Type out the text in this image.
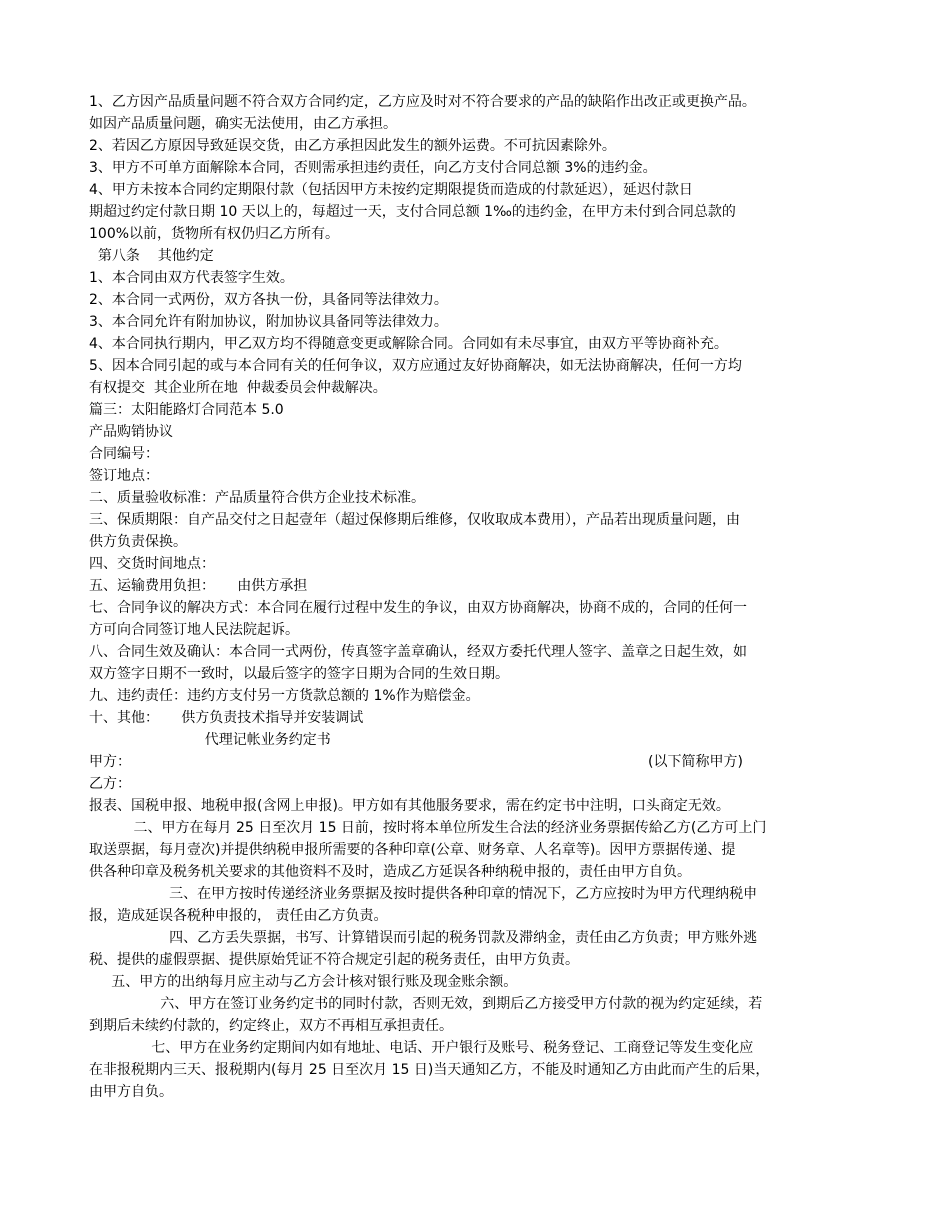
1、乙方因产品质量问题不符合双方合同约定，乙方应及时对不符合要求的产品的缺陷作出改正或更换产品。
如因产品质量问题，确实无法使用，由乙方承担。
2、若因乙方原因导致延误交货，由乙方承担因此发生的额外运费。不可抗因素除外。
3、甲方不可单方面解除本合同，否则需承担违约责任，向乙方支付合同总额 3%的违约金。
4、甲方未按本合同约定期限付款（包括因甲方未按约定期限提货而造成的付款延迟），延迟付款日
期超过约定付款日期 10 天以上的，每超过一天，支付合同总额 1‰的违约金，在甲方未付到合同总款的
100%以前，货物所有权仍归乙方所有。
第八条    其他约定
1、本合同由双方代表签字生效。
2、本合同一式两份，双方各执一份，具备同等法律效力。
3、本合同允许有附加协议，附加协议具备同等法律效力。
4、本合同执行期内，甲乙双方均不得随意变更或解除合同。合同如有未尽事宜，由双方平等协商补充。
5、因本合同引起的或与本合同有关的任何争议，双方应通过友好协商解决，如无法协商解决，任何一方均
有权提交  其企业所在地  仲裁委员会仲裁解决。
篇三：太阳能路灯合同范本 5.0
产品购销协议
合同编号：
签订地点：
二、质量验收标准：产品质量符合供方企业技术标准。
三、保质期限：自产品交付之日起壹年（超过保修期后维修，仅收取成本费用），产品若出现质量问题，由
供方负责保换。
四、交货时间地点：
五、运输费用负担：     由供方承担
七、合同争议的解决方式：本合同在履行过程中发生的争议，由双方协商解决，协商不成的，合同的任何一
方可向合同签订地人民法院起诉。
八、合同生效及确认：本合同一式两份，传真签字盖章确认，经双方委托代理人签字、盖章之日起生效，如
双方签字日期不一致时，以最后签字的签字日期为合同的生效日期。
九、违约责任：违约方支付另一方货款总额的 1%作为赔偿金。
十、其他：     供方负责技术指导并安装调试
代理记帐业务约定书
甲方：	(以下简称甲方)
乙方：
报表、国税申报、地税申报(含网上申报)。甲方如有其他服务要求，需在约定书中注明，口头商定无效。
二、甲方在每月 25 日至次月 15 日前，按时将本单位所发生合法的经济业务票据传給乙方(乙方可上门
取送票据，每月壹次)并提供纳税申报所需要的各种印章(公章、财务章、人名章等)。因甲方票据传递、提
供各种印章及税务机关要求的其他资料不及时，造成乙方延误各种纳税申报的，责任由甲方自负。
三、在甲方按时传递经济业务票据及按时提供各种印章的情况下，乙方应按时为甲方代理纳税申
报，造成延误各税种申报的， 责任由乙方负责。
四、乙方丢失票据，书写、计算错误而引起的税务罚款及滞纳金，责任由乙方负责；甲方账外逃
税、提供的虚假票据、提供原始凭证不符合规定引起的税务责任，由甲方负责。
五、甲方的出纳每月应主动与乙方会计核对银行账及现金账余额。
六、甲方在签订业务约定书的同时付款，否则无效，到期后乙方接受甲方付款的视为约定延续，若
到期后未续约付款的，约定终止，双方不再相互承担责任。
七、甲方在业务约定期间内如有地址、电话、开户银行及账号、税务登记、工商登记等发生变化应
在非报税期内三天、报税期内(每月 25 日至次月 15 日)当天通知乙方，不能及时通知乙方由此而产生的后果，
由甲方自负。
